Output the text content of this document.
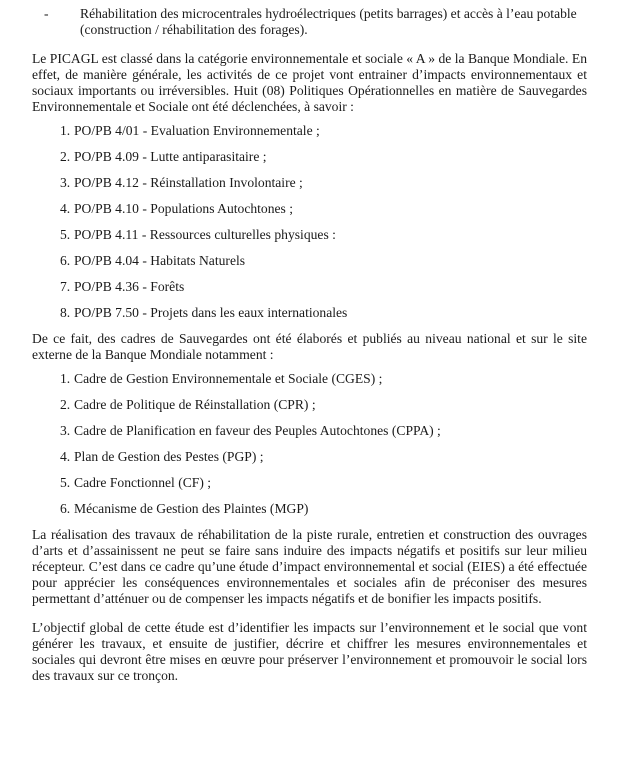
- Réhabilitation des microcentrales hydroélectriques (petits barrages) et accès à l’eau potable (construction / réhabilitation des forages).

Le PICAGL est classé dans la catégorie environnementale et sociale « A » de la Banque Mondiale. En effet, de manière générale, les activités de ce projet vont entrainer d’impacts environnementaux et sociaux importants ou irréversibles. Huit (08) Politiques Opérationnelles en matière de Sauvegardes Environnementale et Sociale ont été déclenchées, à savoir :

1. PO/PB 4/01 - Evaluation Environnementale ;
2. PO/PB 4.09 - Lutte antiparasitaire ;
3. PO/PB 4.12 - Réinstallation Involontaire ;
4. PO/PB 4.10 - Populations Autochtones ;
5. PO/PB 4.11 - Ressources culturelles physiques :
6. PO/PB 4.04 - Habitats Naturels
7. PO/PB 4.36 - Forêts
8. PO/PB 7.50 - Projets dans les eaux internationales

De ce fait, des cadres de Sauvegardes ont été élaborés et publiés au niveau national et sur le site externe de la Banque Mondiale notamment :

1. Cadre de Gestion Environnementale et Sociale (CGES) ;
2. Cadre de Politique de Réinstallation (CPR) ;
3. Cadre de Planification en faveur des Peuples Autochtones (CPPA) ;
4. Plan de Gestion des Pestes (PGP) ;
5. Cadre Fonctionnel (CF) ;
6. Mécanisme de Gestion des Plaintes (MGP)

La réalisation des travaux de réhabilitation de la piste rurale, entretien et construction des ouvrages d’arts et d’assainissent ne peut se faire sans induire des impacts négatifs et positifs sur leur milieu récepteur. C’est dans ce cadre qu’une étude d’impact environnemental et social (EIES) a été effectuée pour apprécier les conséquences environnementales et sociales afin de préconiser des mesures permettant d’atténuer ou de compenser les impacts négatifs et de bonifier les impacts positifs.

L’objectif global de cette étude est d’identifier les impacts sur l’environnement et le social que vont générer les travaux, et ensuite de justifier, décrire et chiffrer les mesures environnementales et sociales qui devront être mises en œuvre pour préserver l’environnement et promouvoir le social lors des travaux sur ce tronçon.
